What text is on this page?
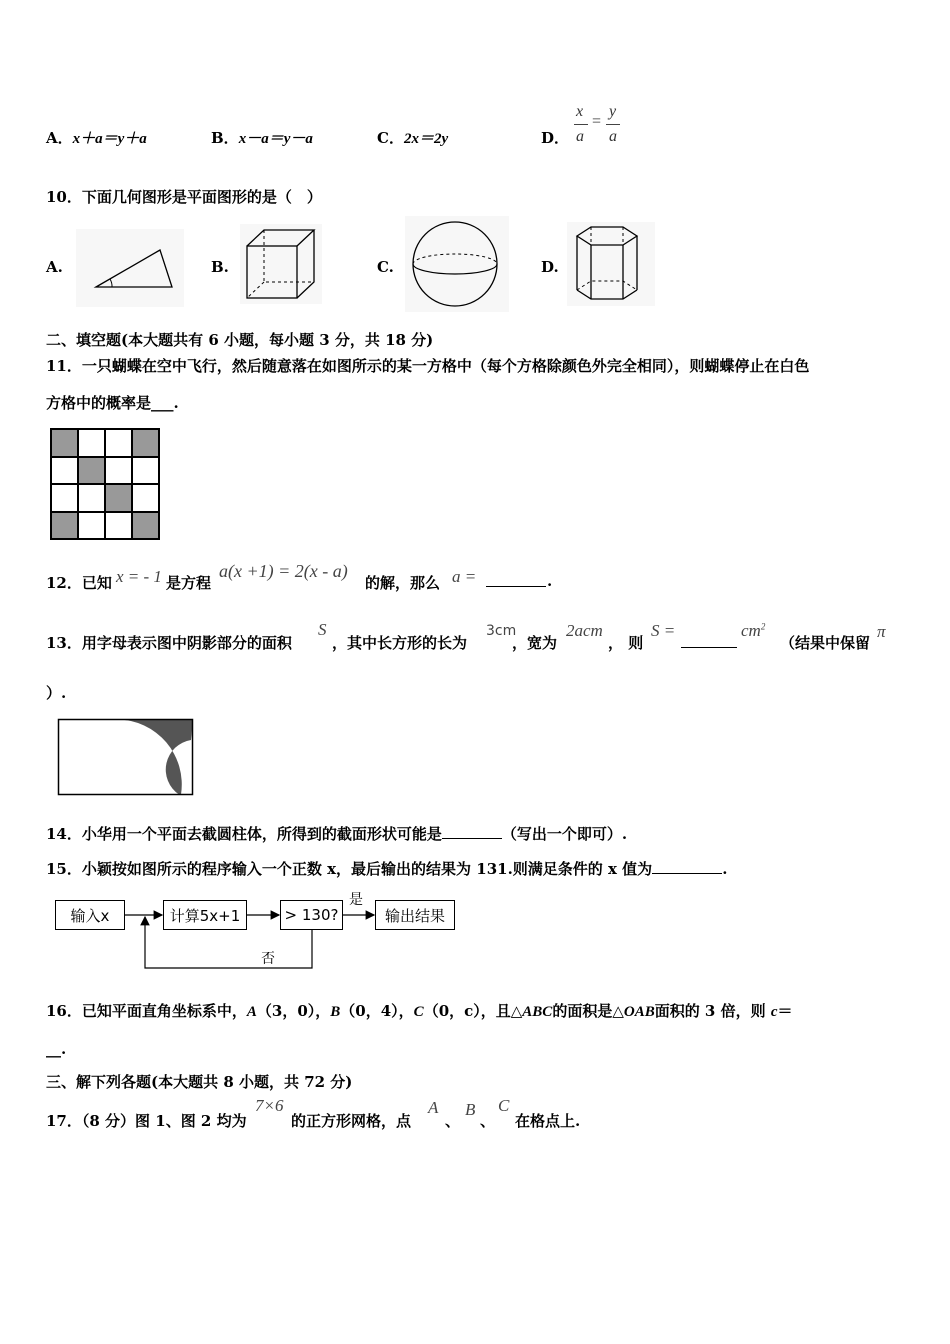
A．x＋a＝y＋a	B．x－a＝y－a	C．2x＝2y	D．
x
a
=
y
a
10．下面几何图形是平面图形的是（　）
A.	B.	C.	D.
二、填空题(本大题共有 6 小题，每小题 3 分，共 18 分)
11．一只蝴蝶在空中飞行，然后随意落在如图所示的某一方格中（每个方格除颜色外完全相同），则蝴蝶停止在白色
方格中的概率是___.
12．已知 x = - 1 是方程
a(x +1) = 2(x - a)
的解，那么 a =	.
13．用字母表示图中阴影部分的面积
S
，其中长方形的长为
3cm
，宽为
2acm
， 则
S =	$cm^2$
（结果中保留
π
）.
14．小华用一个平面去截圆柱体，所得到的截面形状可能是	（写出一个即可）.
15．小颖按如图所示的程序输入一个正数 x，最后输出的结果为 131.则满足条件的 x 值为	.
输入x	计算5x+1	> 130?	输出结果
是
否
16．已知平面直角坐标系中，A（3，0），B（0，4），C（0，c），且△ABC的面积是△OAB面积的 3 倍，则 c＝
__.
三、解下列各题(本大题共 8 小题，共 72 分)
17．（8 分）图 1、图 2 均为
7×6
的正方形网格，点
A
、
B
、
C
在格点上.
